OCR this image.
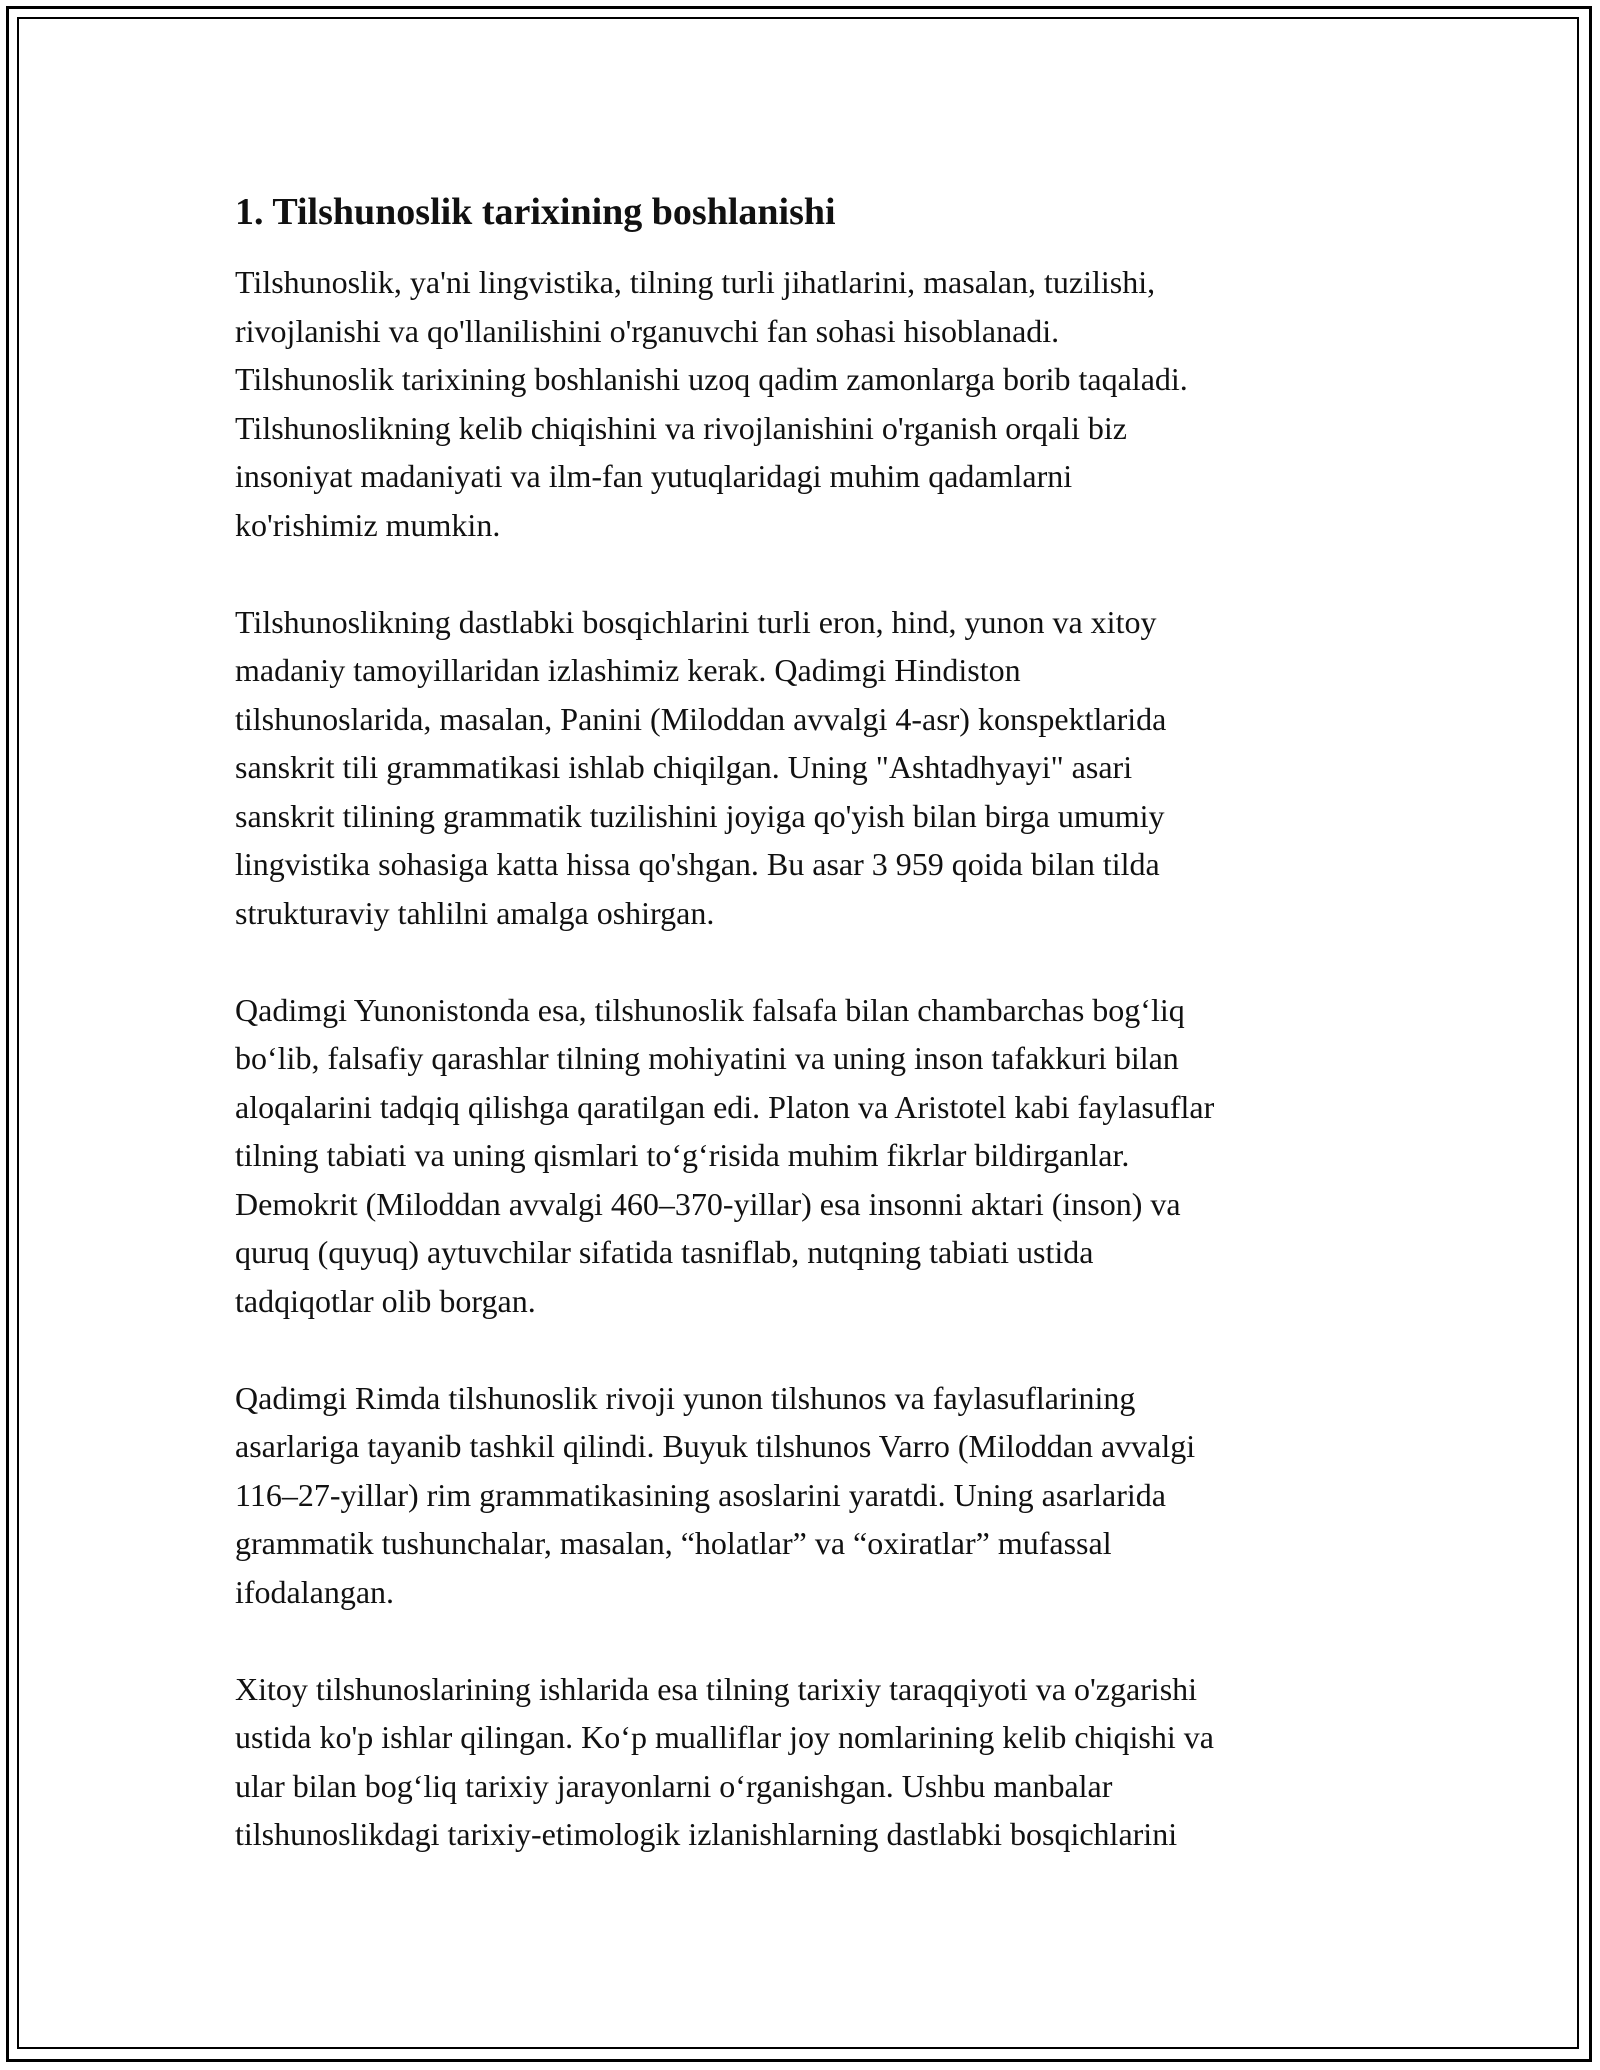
1. Tilshunoslik tarixining boshlanishi
Tilshunoslik, ya'ni lingvistika, tilning turli jihatlarini, masalan, tuzilishi,
rivojlanishi va qo'llanilishini o'rganuvchi fan sohasi hisoblanadi.
Tilshunoslik tarixining boshlanishi uzoq qadim zamonlarga borib taqaladi.
Tilshunoslikning kelib chiqishini va rivojlanishini o'rganish orqali biz
insoniyat madaniyati va ilm-fan yutuqlaridagi muhim qadamlarni
ko'rishimiz mumkin.
Tilshunoslikning dastlabki bosqichlarini turli eron, hind, yunon va xitoy
madaniy tamoyillaridan izlashimiz kerak. Qadimgi Hindiston
tilshunoslarida, masalan, Panini (Miloddan avvalgi 4-asr) konspektlarida
sanskrit tili grammatikasi ishlab chiqilgan. Uning "Ashtadhyayi" asari
sanskrit tilining grammatik tuzilishini joyiga qo'yish bilan birga umumiy
lingvistika sohasiga katta hissa qo'shgan. Bu asar 3 959 qoida bilan tilda
strukturaviy tahlilni amalga oshirgan.
Qadimgi Yunonistonda esa, tilshunoslik falsafa bilan chambarchas bog‘liq
bo‘lib, falsafiy qarashlar tilning mohiyatini va uning inson tafakkuri bilan
aloqalarini tadqiq qilishga qaratilgan edi. Platon va Aristotel kabi faylasuflar
tilning tabiati va uning qismlari to‘g‘risida muhim fikrlar bildirganlar.
Demokrit (Miloddan avvalgi 460–370-yillar) esa insonni aktari (inson) va
quruq (quyuq) aytuvchilar sifatida tasniflab, nutqning tabiati ustida
tadqiqotlar olib borgan.
Qadimgi Rimda tilshunoslik rivoji yunon tilshunos va faylasuflarining
asarlariga tayanib tashkil qilindi. Buyuk tilshunos Varro (Miloddan avvalgi
116–27-yillar) rim grammatikasining asoslarini yaratdi. Uning asarlarida
grammatik tushunchalar, masalan, “holatlar” va “oxiratlar” mufassal
ifodalangan.
Xitoy tilshunoslarining ishlarida esa tilning tarixiy taraqqiyoti va o'zgarishi
ustida ko'p ishlar qilingan. Ko‘p mualliflar joy nomlarining kelib chiqishi va
ular bilan bog‘liq tarixiy jarayonlarni o‘rganishgan. Ushbu manbalar
tilshunoslikdagi tarixiy-etimologik izlanishlarning dastlabki bosqichlarini
